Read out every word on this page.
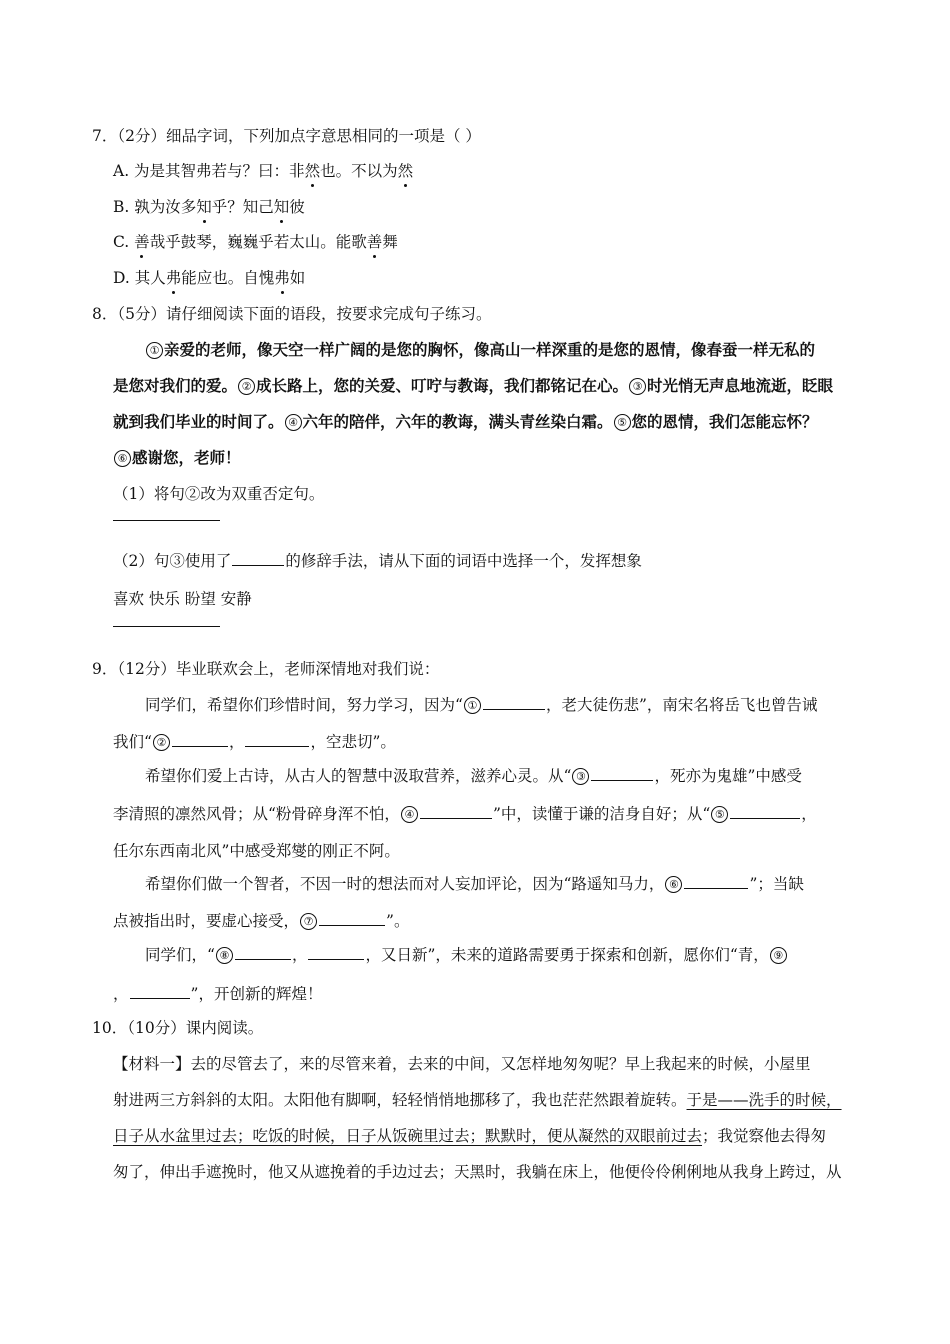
7．（2分）细品字词，下列加点字意思相同的一项是（ ）
A. 为是其智弗若与？曰：非然也。不以为然
B. 孰为汝多知乎？知己知彼
C. 善哉乎鼓琴，巍巍乎若太山。能歌善舞
D. 其人弗能应也。自愧弗如
8．（5分）请仔细阅读下面的语段，按要求完成句子练习。
① 亲爱的老师，像天空一样广阔的是您的胸怀，像高山一样深重的是您的恩情，像春蚕一样无私的
是您对我们的爱。 ② 成长路上，您的关爱、叮咛与教诲，我们都铭记在心。 ③ 时光悄无声息地流逝，眨眼
就到我们毕业的时间了。 ④ 六年的陪伴，六年的教诲，满头青丝染白霜。 ⑤ 您的恩情，我们怎能忘怀？
⑥ 感谢您，老师！
（1）将句②改为双重否定句。
（2）句③使用了	的修辞手法，请从下面的词语中选择一个，发挥想象
喜欢 快乐 盼望 安静
9．（12分）毕业联欢会上，老师深情地对我们说：
同学们，希望你们珍惜时间，努力学习，因为“ ①	，老大徒伤悲”，南宋名将岳飞也曾告诫
我们“ ②	，	，空悲切”。
希望你们爱上古诗，从古人的智慧中汲取营养，滋养心灵。从“ ③	，死亦为鬼雄”中感受
李清照的凛然风骨；从“粉骨碎身浑不怕， ④	”中，读懂于谦的洁身自好；从“ ⑤	，
任尔东西南北风”中感受郑燮的刚正不阿。
希望你们做一个智者，不因一时的想法而对人妄加评论，因为“路遥知马力， ⑥	”；当缺
点被指出时，要虚心接受， ⑦	”。
同学们，“ ⑧	，	，又日新”，未来的道路需要勇于探索和创新，愿你们“青， ⑨
，	”，开创新的辉煌！
10．（10分）课内阅读。
【材料一】去的尽管去了，来的尽管来着，去来的中间，又怎样地匆匆呢？早上我起来的时候，小屋里
射进两三方斜斜的太阳。太阳他有脚啊，轻轻悄悄地挪移了，我也茫茫然跟着旋转。于是——洗手的时候，
日子从水盆里过去；吃饭的时候，日子从饭碗里过去；默默时，便从凝然的双眼前过去；我觉察他去得匆
匆了，伸出手遮挽时，他又从遮挽着的手边过去；天黑时，我躺在床上，他便伶伶俐俐地从我身上跨过，从
